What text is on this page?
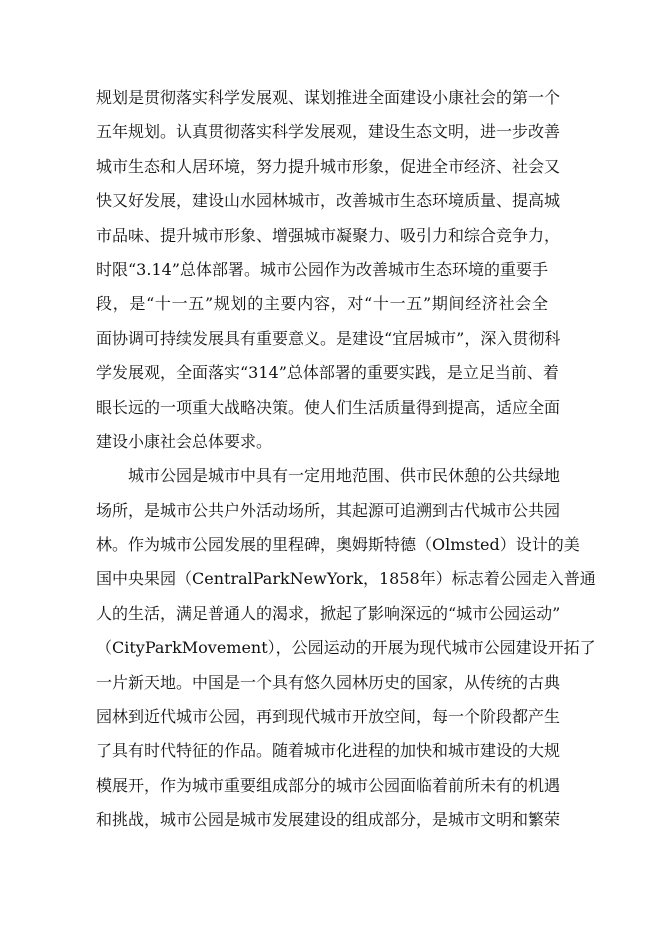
规划是贯彻落实科学发展观、谋划推进全面建设小康社会的第一个
五年规划。认真贯彻落实科学发展观，建设生态文明，进一步改善
城市生态和人居环境，努力提升城市形象，促进全市经济、社会又
快又好发展，建设山水园林城市，改善城市生态环境质量、提高城
市品味、提升城市形象、增强城市凝聚力、吸引力和综合竞争力，
时限“3.14”总体部署。城市公园作为改善城市生态环境的重要手
段，是“十一五”规划的主要内容，对“十一五”期间经济社会全
面协调可持续发展具有重要意义。是建设“宜居城市”，深入贯彻科
学发展观，全面落实“314”总体部署的重要实践，是立足当前、着
眼长远的一项重大战略决策。使人们生活质量得到提高，适应全面
建设小康社会总体要求。
城市公园是城市中具有一定用地范围、供市民休憩的公共绿地
场所，是城市公共户外活动场所，其起源可追溯到古代城市公共园
林。作为城市公园发展的里程碑，奥姆斯特德（Olmsted）设计的美
国中央果园（CentralParkNewYork，1858年）标志着公园走入普通
人的生活，满足普通人的渴求，掀起了影响深远的“城市公园运动”
（CityParkMovement），公园运动的开展为现代城市公园建设开拓了
一片新天地。中国是一个具有悠久园林历史的国家，从传统的古典
园林到近代城市公园，再到现代城市开放空间，每一个阶段都产生
了具有时代特征的作品。随着城市化进程的加快和城市建设的大规
模展开，作为城市重要组成部分的城市公园面临着前所未有的机遇
和挑战，城市公园是城市发展建设的组成部分，是城市文明和繁荣
